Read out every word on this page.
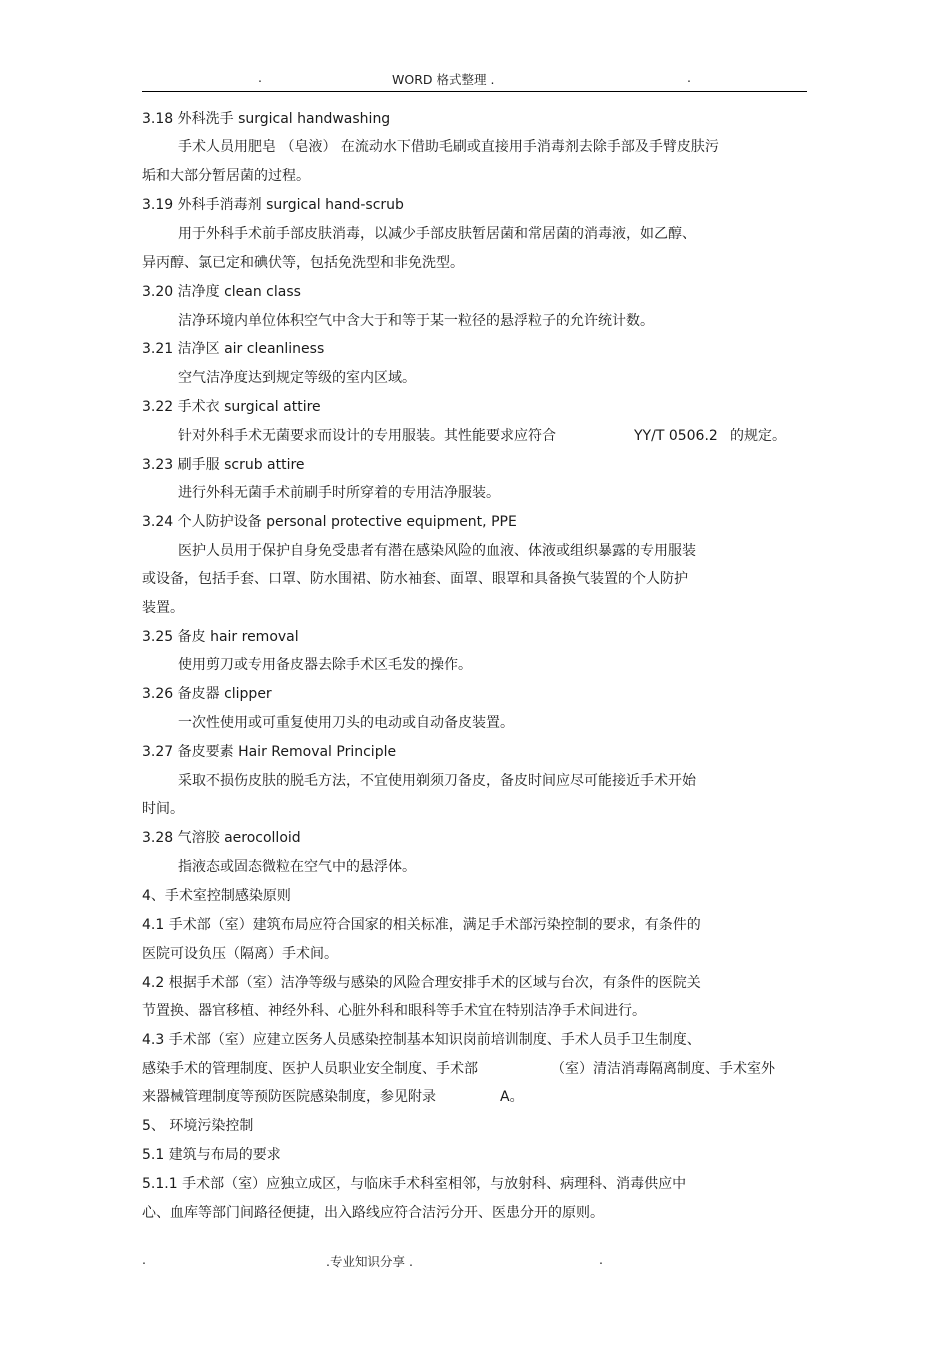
.	WORD 格式整理 .	.
3.18 外科洗手 surgical handwashing
手术人员用肥皂 （皂液） 在流动水下借助毛刷或直接用手消毒剂去除手部及手臂皮肤污
垢和大部分暂居菌的过程。
3.19 外科手消毒剂 surgical hand-scrub
用于外科手术前手部皮肤消毒，以减少手部皮肤暂居菌和常居菌的消毒液，如乙醇、
异丙醇、氯已定和碘伏等，包括免洗型和非免洗型。
3.20 洁净度 clean class
洁净环境内单位体积空气中含大于和等于某一粒径的悬浮粒子的允许统计数。
3.21 洁净区 air cleanliness
空气洁净度达到规定等级的室内区域。
3.22 手术衣 surgical attire
针对外科手术无菌要求而设计的专用服装。其性能要求应符合	YY/T 0506.2 的规定。
3.23 刷手服 scrub attire
进行外科无菌手术前刷手时所穿着的专用洁净服装。
3.24 个人防护设备 personal protective equipment, PPE
医护人员用于保护自身免受患者有潜在感染风险的血液、体液或组织暴露的专用服装
或设备，包括手套、口罩、防水围裙、防水袖套、面罩、眼罩和具备换气装置的个人防护
装置。
3.25 备皮 hair removal
使用剪刀或专用备皮器去除手术区毛发的操作。
3.26 备皮器 clipper
一次性使用或可重复使用刀头的电动或自动备皮装置。
3.27 备皮要素 Hair Removal Principle
采取不损伤皮肤的脱毛方法，不宜使用剃须刀备皮，备皮时间应尽可能接近手术开始
时间。
3.28 气溶胶 aerocolloid
指液态或固态微粒在空气中的悬浮体。
4、手术室控制感染原则
4.1 手术部（室）建筑布局应符合国家的相关标准，满足手术部污染控制的要求，有条件的
医院可设负压（隔离）手术间。
4.2 根据手术部（室）洁净等级与感染的风险合理安排手术的区域与台次，有条件的医院关
节置换、器官移植、神经外科、心脏外科和眼科等手术宜在特别洁净手术间进行。
4.3 手术部（室）应建立医务人员感染控制基本知识岗前培训制度、手术人员手卫生制度、
感染手术的管理制度、医护人员职业安全制度、手术部	（室）清洁消毒隔离制度、手术室外
来器械管理制度等预防医院感染制度，参见附录	A。
5、 环境污染控制
5.1 建筑与布局的要求
5.1.1 手术部（室）应独立成区，与临床手术科室相邻，与放射科、病理科、消毒供应中
心、血库等部门间路径便捷，出入路线应符合洁污分开、医患分开的原则。
.	.专业知识分享 .	.
